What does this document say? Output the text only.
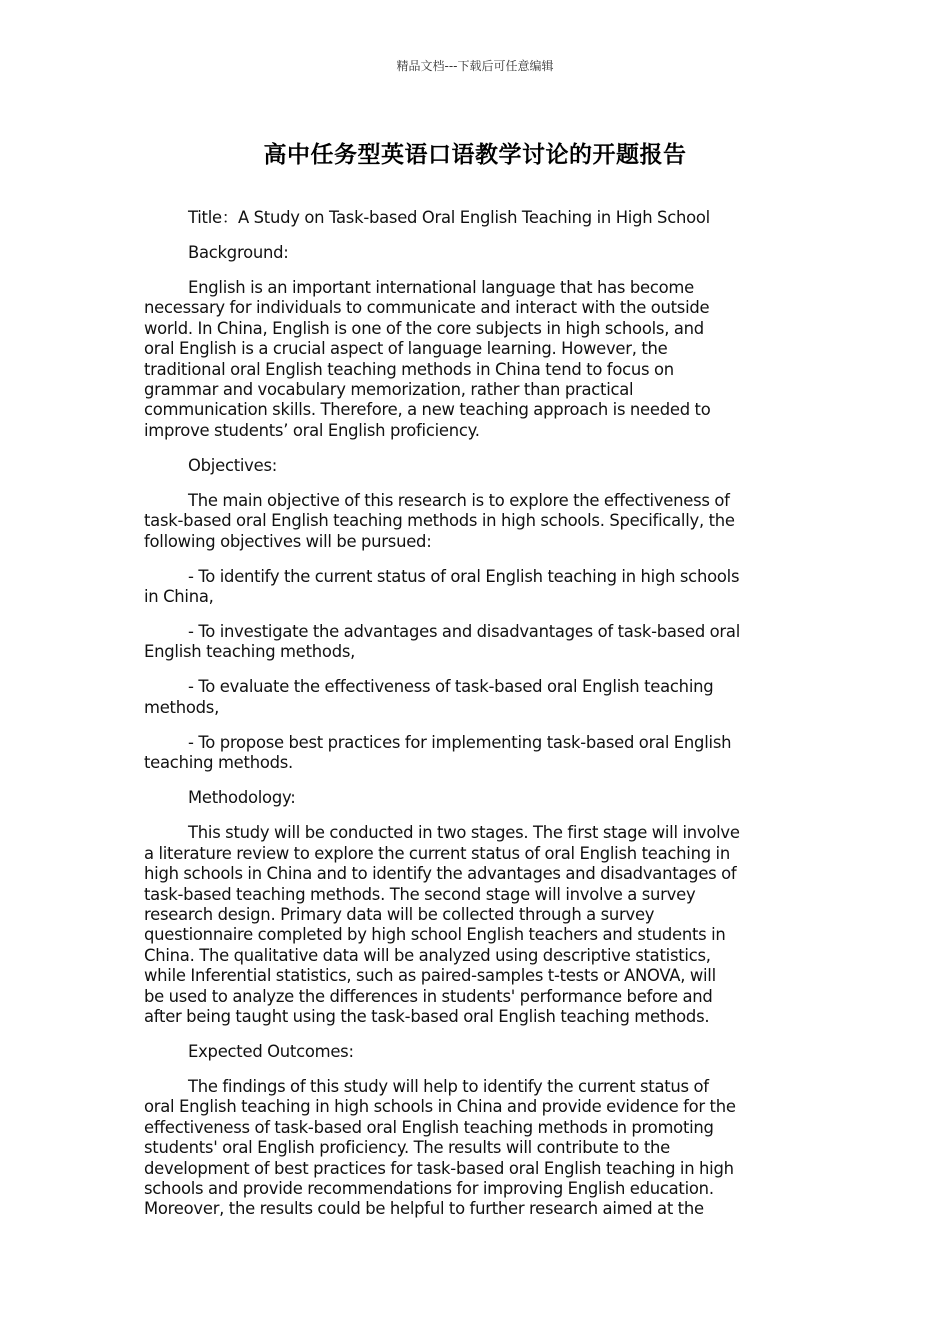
精品文档---下载后可任意编辑
高中任务型英语口语教学讨论的开题报告
Title：A Study on Task-based Oral English Teaching in High School
Background:
English is an important international language that has become
necessary for individuals to communicate and interact with the outside
world. In China, English is one of the core subjects in high schools, and
oral English is a crucial aspect of language learning. However, the
traditional oral English teaching methods in China tend to focus on
grammar and vocabulary memorization, rather than practical
communication skills. Therefore, a new teaching approach is needed to
improve students’ oral English proficiency.
Objectives:
The main objective of this research is to explore the effectiveness of
task-based oral English teaching methods in high schools. Specifically, the
following objectives will be pursued:
- To identify the current status of oral English teaching in high schools
in China,
- To investigate the advantages and disadvantages of task-based oral
English teaching methods,
- To evaluate the effectiveness of task-based oral English teaching
methods,
- To propose best practices for implementing task-based oral English
teaching methods.
Methodology:
This study will be conducted in two stages. The first stage will involve
a literature review to explore the current status of oral English teaching in
high schools in China and to identify the advantages and disadvantages of
task-based teaching methods. The second stage will involve a survey
research design. Primary data will be collected through a survey
questionnaire completed by high school English teachers and students in
China. The qualitative data will be analyzed using descriptive statistics,
while Inferential statistics, such as paired-samples t-tests or ANOVA, will
be used to analyze the differences in students' performance before and
after being taught using the task-based oral English teaching methods.
Expected Outcomes:
The findings of this study will help to identify the current status of
oral English teaching in high schools in China and provide evidence for the
effectiveness of task-based oral English teaching methods in promoting
students' oral English proficiency. The results will contribute to the
development of best practices for task-based oral English teaching in high
schools and provide recommendations for improving English education.
Moreover, the results could be helpful to further research aimed at the
